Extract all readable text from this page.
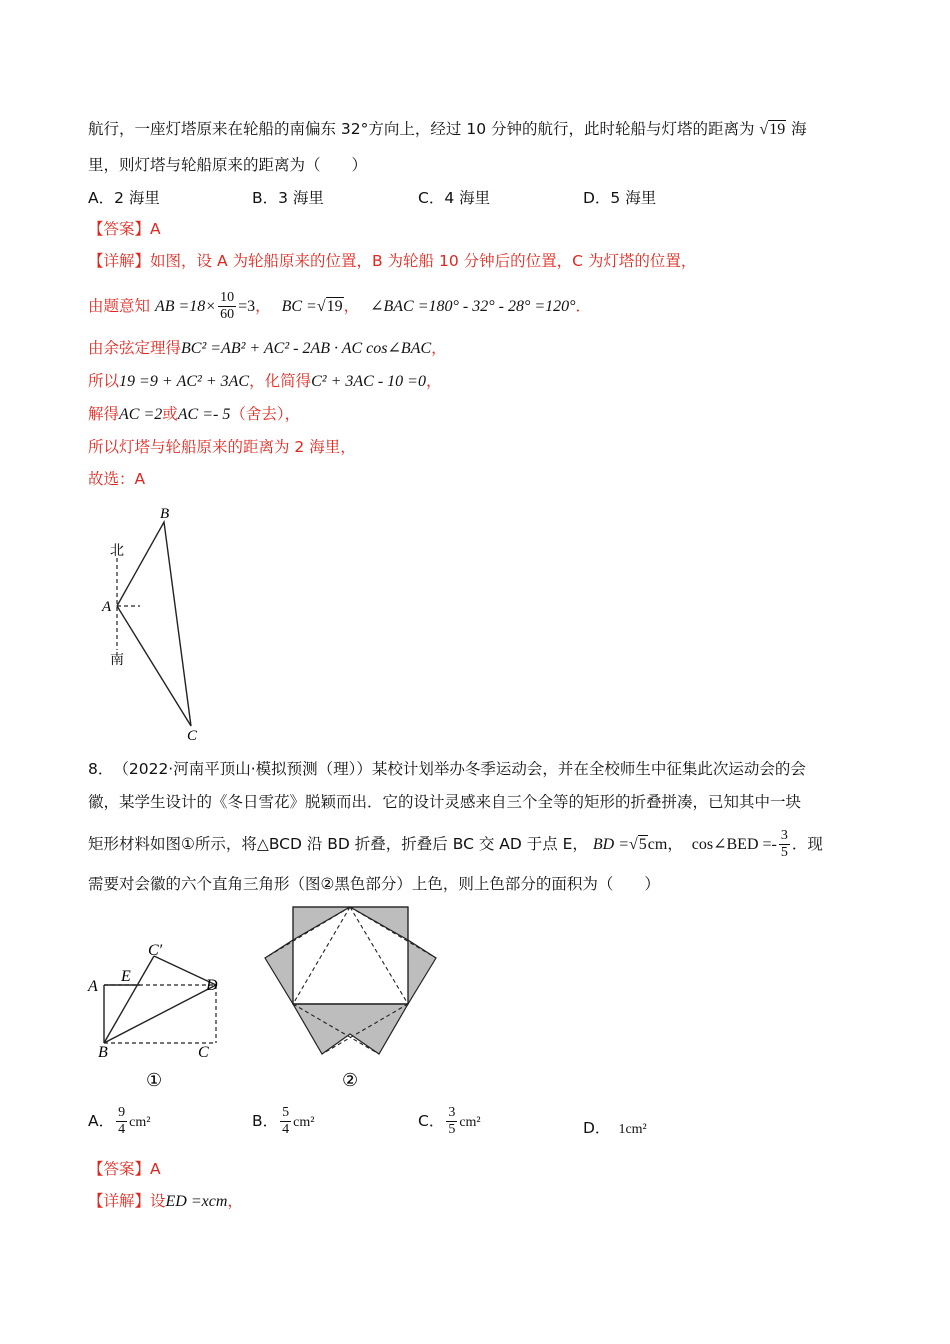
航行，一座灯塔原来在轮船的南偏东 32°方向上，经过 10 分钟的航行，此时轮船与灯塔的距离为 √19 海
里，则灯塔与轮船原来的距离为（　　）
A．2 海里	B．3 海里	C．4 海里	D．5 海里
【答案】A
【详解】如图，设 A 为轮船原来的位置，B 为轮船 10 分钟后的位置，C 为灯塔的位置，
由题意知 AB $=18\times \frac{10}{60} =3$， BC =√19， ∠BAC =180° - 32° - 28° =120°．
由余弦定理得BC² =AB² + AC² - 2AB · AC cos∠BAC，
所以19 =9 + AC² + 3AC，化简得C² + 3AC - 10 =0，
解得AC =2或AC =- 5（舍去），
所以灯塔与轮船原来的距离为 2 海里，
故选：A
北
南
A
B
C
8．　（2022·河南平顶山·模拟预测（理））某校计划举办冬季运动会，并在全校师生中征集此次运动会的会
徽，某学生设计的《冬日雪花》脱颖而出．它的设计灵感来自三个全等的矩形的折叠拼凑，已知其中一块
矩形材料如图①所示，将△BCD 沿 BD 折叠，折叠后 BC 交 AD 于点 E， BD =√5cm， cos∠BED =- $\frac{3}{5}$ ．现
需要对会徽的六个直角三角形（图②黑色部分）上色，则上色部分的面积为（　　）
A
E
C′
D
B	C
①	②
A． $\frac{9}{4} cm^2$	B． $\frac{5}{4} cm^2$	C． $\frac{3}{5} cm^2$	D． 1cm²
【答案】A
【详解】设ED =xcm，
